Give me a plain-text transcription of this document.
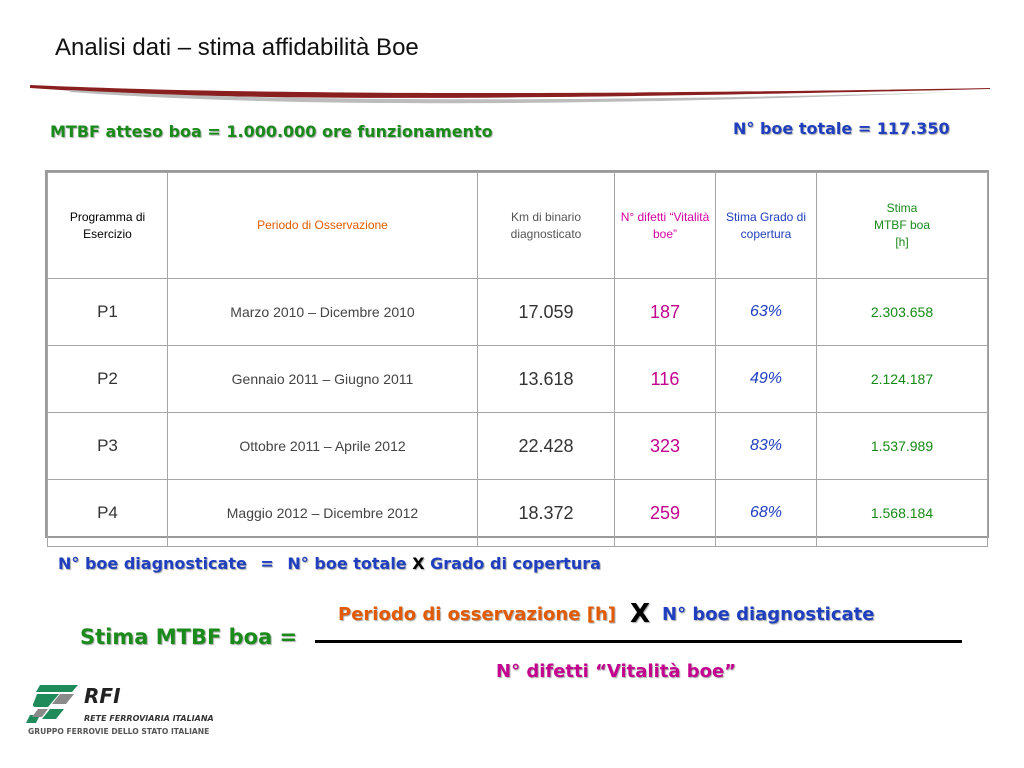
Analisi dati – stima affidabilità Boe
MTBF atteso boa = 1.000.000 ore funzionamento	N° boe totale = 117.350
Programma di Esercizio	Periodo di Osservazione	Km di binario diagnosticato	N° difetti “Vitalità boe”	Stima Grado di copertura	Stima
MTBF boa
[h]

P1	Marzo 2010 – Dicembre 2010	17.059	187	63%	2.303.658
P2	Gennaio 2011 – Giugno 2011	13.618	116	49%	2.124.187
P3	Ottobre 2011 – Aprile 2012	22.428	323	83%	1.537.989
P4	Maggio 2012 – Dicembre 2012	18.372	259	68%	1.568.184
N° boe diagnosticate = N° boe totale X Grado di copertura
Periodo di osservazione [h] X N° boe diagnosticate
Stima MTBF boa =
N° difetti “Vitalità boe”
RFI
RETE FERROVIARIA ITALIANA
GRUPPO FERROVIE DELLO STATO ITALIANE
